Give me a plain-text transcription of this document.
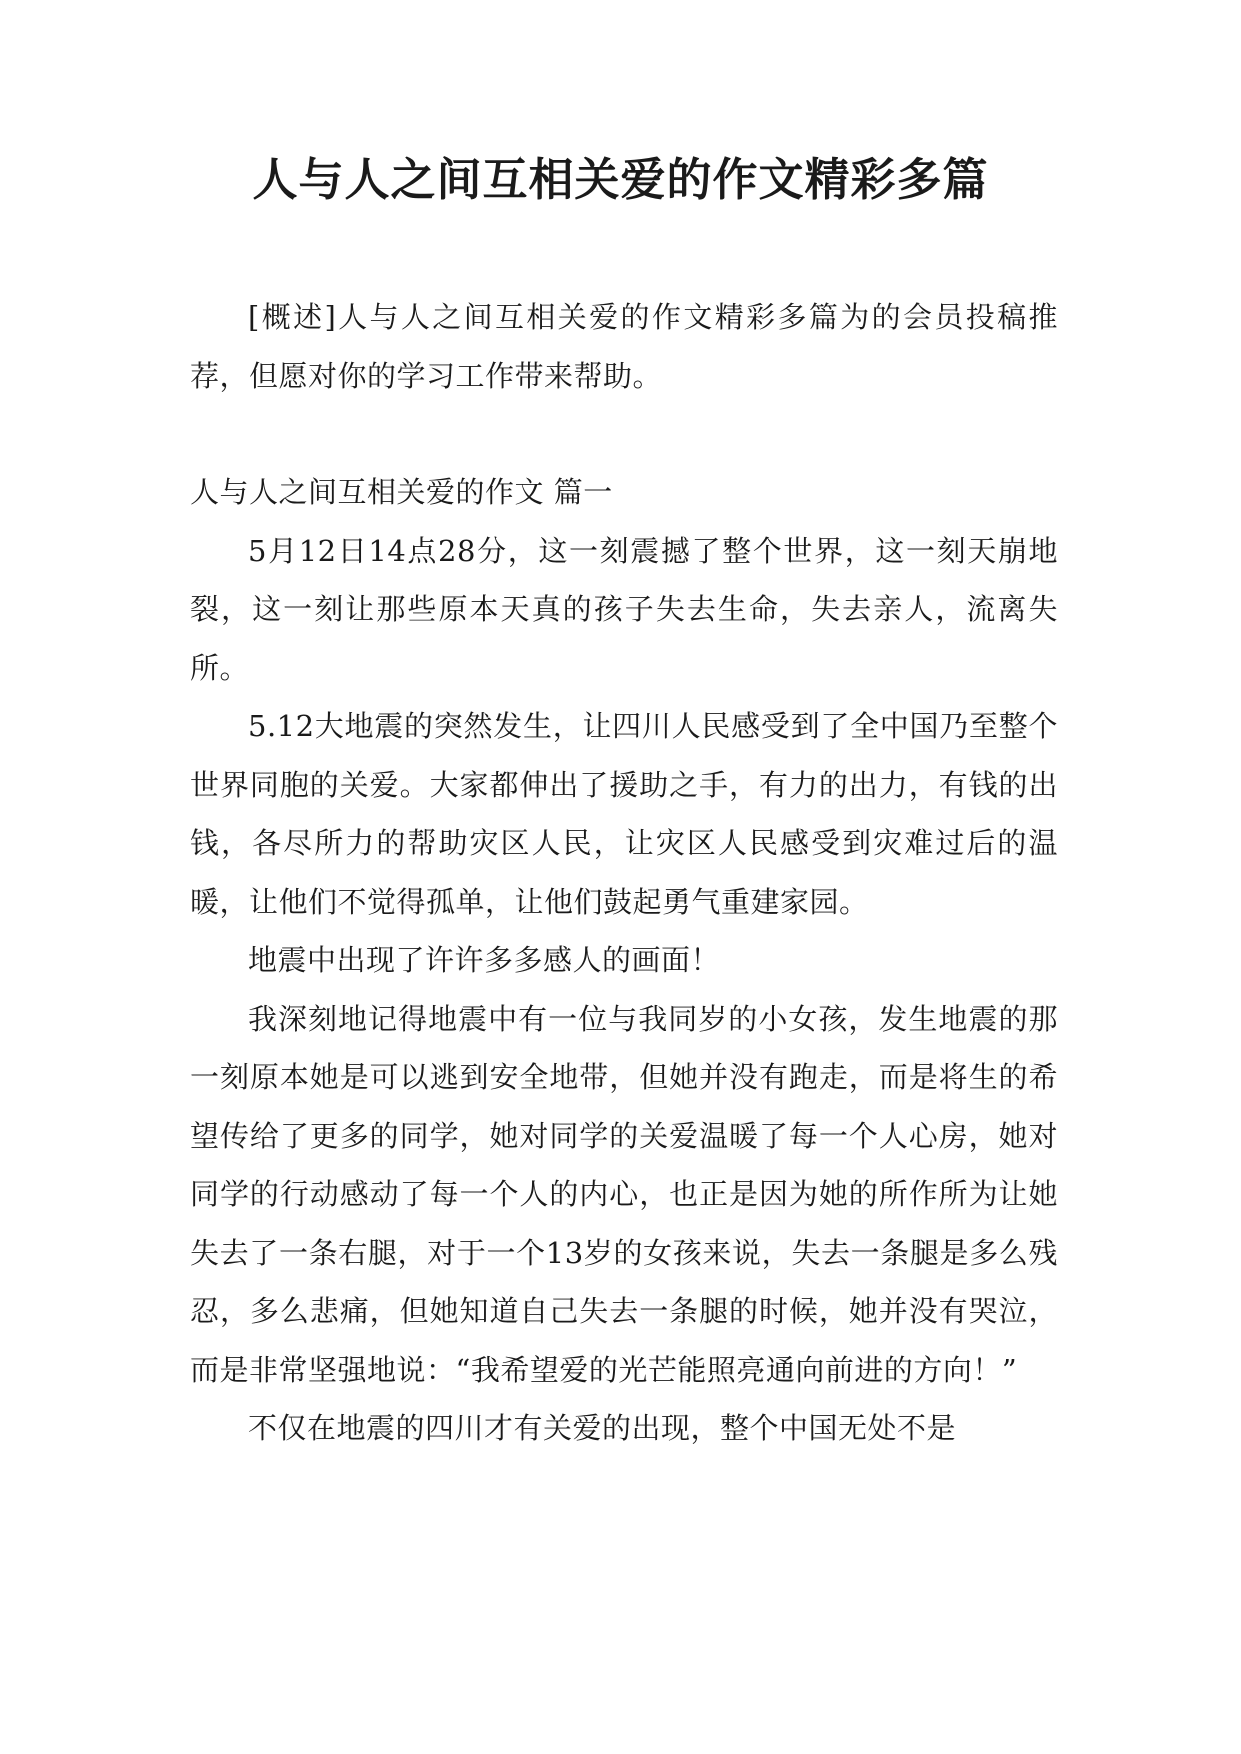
人与人之间互相关爱的作文精彩多篇

[概述]人与人之间互相关爱的作文精彩多篇为的会员投稿推荐，但愿对你的学习工作带来帮助。

人与人之间互相关爱的作文 篇一

5月12日14点28分，这一刻震撼了整个世界，这一刻天崩地裂，这一刻让那些原本天真的孩子失去生命，失去亲人，流离失所。

5.12大地震的突然发生，让四川人民感受到了全中国乃至整个世界同胞的关爱。大家都伸出了援助之手，有力的出力，有钱的出钱，各尽所力的帮助灾区人民，让灾区人民感受到灾难过后的温暖，让他们不觉得孤单，让他们鼓起勇气重建家园。

地震中出现了许许多多感人的画面！

我深刻地记得地震中有一位与我同岁的小女孩，发生地震的那一刻原本她是可以逃到安全地带，但她并没有跑走，而是将生的希望传给了更多的同学，她对同学的关爱温暖了每一个人心房，她对同学的行动感动了每一个人的内心，也正是因为她的所作所为让她失去了一条右腿，对于一个13岁的女孩来说，失去一条腿是多么残忍，多么悲痛，但她知道自己失去一条腿的时候，她并没有哭泣，而是非常坚强地说：“我希望爱的光芒能照亮通向前进的方向！”

不仅在地震的四川才有关爱的出现，整个中国无处不是
